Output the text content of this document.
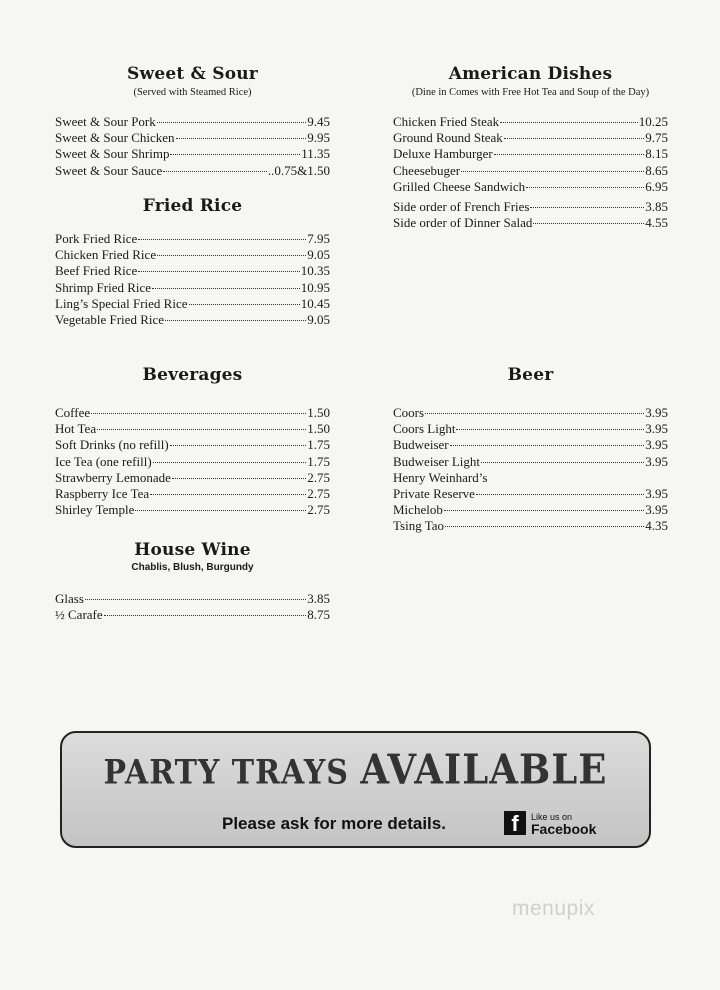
Sweet & Sour

(Served with Steamed Rice)

Sweet & Sour Pork	9.45
Sweet & Sour Chicken	9.95
Sweet & Sour Shrimp	11.35
Sweet & Sour Sauce	..0.75&1.50
Fried Rice
Pork Fried Rice	7.95
Chicken Fried Rice	9.05
Beef Fried Rice	10.35
Shrimp Fried Rice	10.95
Ling’s Special Fried Rice	10.45
Vegetable Fried Rice	9.05
Beverages
Coffee	1.50
Hot Tea	1.50
Soft Drinks (no refill)	1.75
Ice Tea (one refill)	1.75
Strawberry Lemonade	2.75
Raspberry Ice Tea	2.75
Shirley Temple	2.75
House Wine

Chablis, Blush, Burgundy

Glass	3.85
½ Carafe	8.75
American Dishes

(Dine in Comes with Free Hot Tea and Soup of the Day)

Chicken Fried Steak	10.25
Ground Round Steak	9.75
Deluxe Hamburger	8.15
Cheesebuger	8.65
Grilled Cheese Sandwich	6.95
Side order of French Fries	3.85
Side order of Dinner Salad	4.55
Beer
Coors	3.95
Coors Light	3.95
Budweiser	3.95
Budweiser Light	3.95
Henry Weinhard’s
Private Reserve	3.95
Michelob	3.95
Tsing Tao	4.35

PARTY TRAYS AVAILABLE

Please ask for more details.	f	Like us on
Facebook
menupix
